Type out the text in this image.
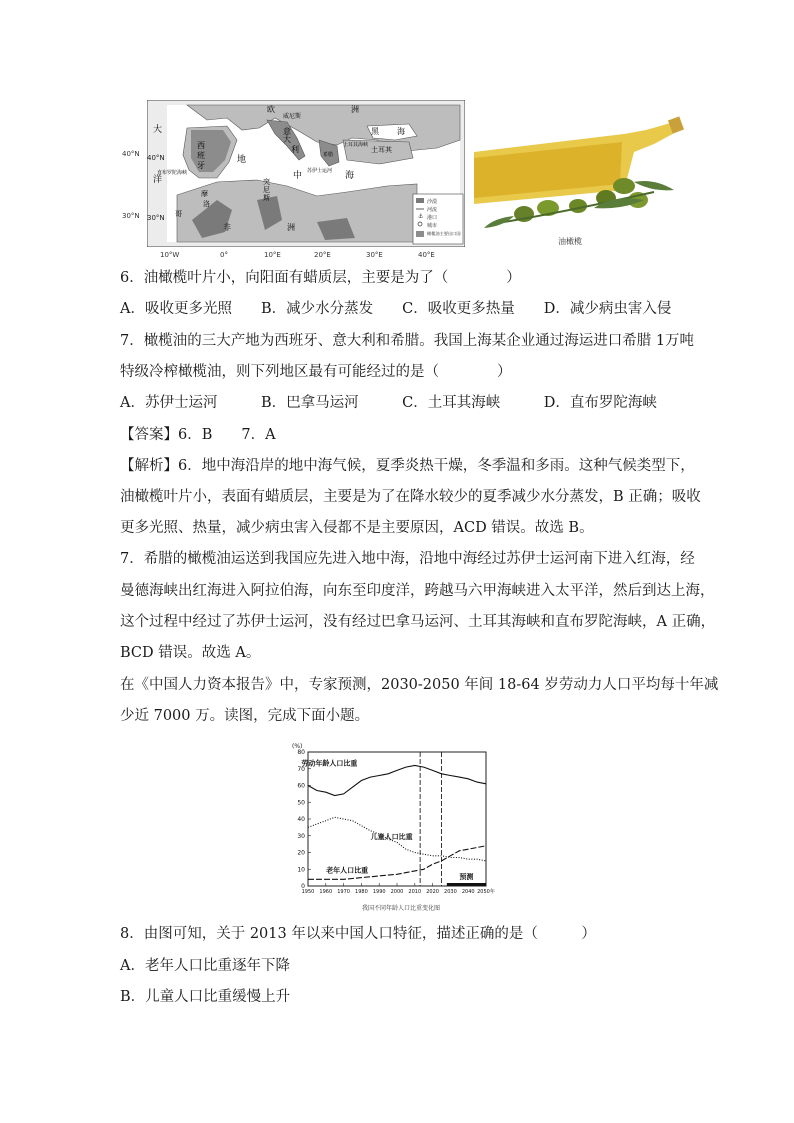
⚓
沙漠
河流
港口
城市
橄榄油主要出口国
40°N
30°N
大
洋
西
班
牙
欧	洲
威尼斯
意
大
利
黑 海
土耳其
土耳其海峡
希腊
地
中	海
直布罗陀海峡	苏伊士运河
摩
洛
哥
突
尼
斯
非	洲
40°N
30°N
10°W	0°	10°E	20°E	30°E	40°E
油橄榄
6．油橄榄叶片小，向阳面有蜡质层，主要是为了（　　　　）
A．吸收更多光照　　B．减少水分蒸发　　C．吸收更多热量　　D．减少病虫害入侵
7．橄榄油的三大产地为西班牙、意大利和希腊。我国上海某企业通过海运进口希腊 1万吨
特级冷榨橄榄油，则下列地区最有可能经过的是（　　　　）
A．苏伊士运河　　　B．巴拿马运河　　　C．土耳其海峡　　　D．直布罗陀海峡
【答案】6．B　　7．A
【解析】6．地中海沿岸的地中海气候，夏季炎热干燥，冬季温和多雨。这种气候类型下，
油橄榄叶片小，表面有蜡质层，主要是为了在降水较少的夏季减少水分蒸发，B 正确；吸收
更多光照、热量，减少病虫害入侵都不是主要原因，ACD 错误。故选 B。
7．希腊的橄榄油运送到我国应先进入地中海，沿地中海经过苏伊士运河南下进入红海，经
曼德海峡出红海进入阿拉伯海，向东至印度洋，跨越马六甲海峡进入太平洋，然后到达上海，
这个过程中经过了苏伊士运河，没有经过巴拿马运河、土耳其海峡和直布罗陀海峡，A 正确，
BCD 错误。故选 A。
在《中国人力资本报告》中，专家预测，2030-2050 年间 18-64 岁劳动力人口平均每十年减
少近 7000 万。读图，完成下面小题。
(%)
0
10
20
30
40
50
60
70
80
1950 1960 1970 1980 1990 2000 2010 2020 2030 2040 2050年
预测
劳动年龄人口比重
儿童人口比重
老年人口比重
我国不同年龄人口比重变化图
8．由图可知，关于 2013 年以来中国人口特征，描述正确的是（　　　）
A．老年人口比重逐年下降
B．儿童人口比重缓慢上升
